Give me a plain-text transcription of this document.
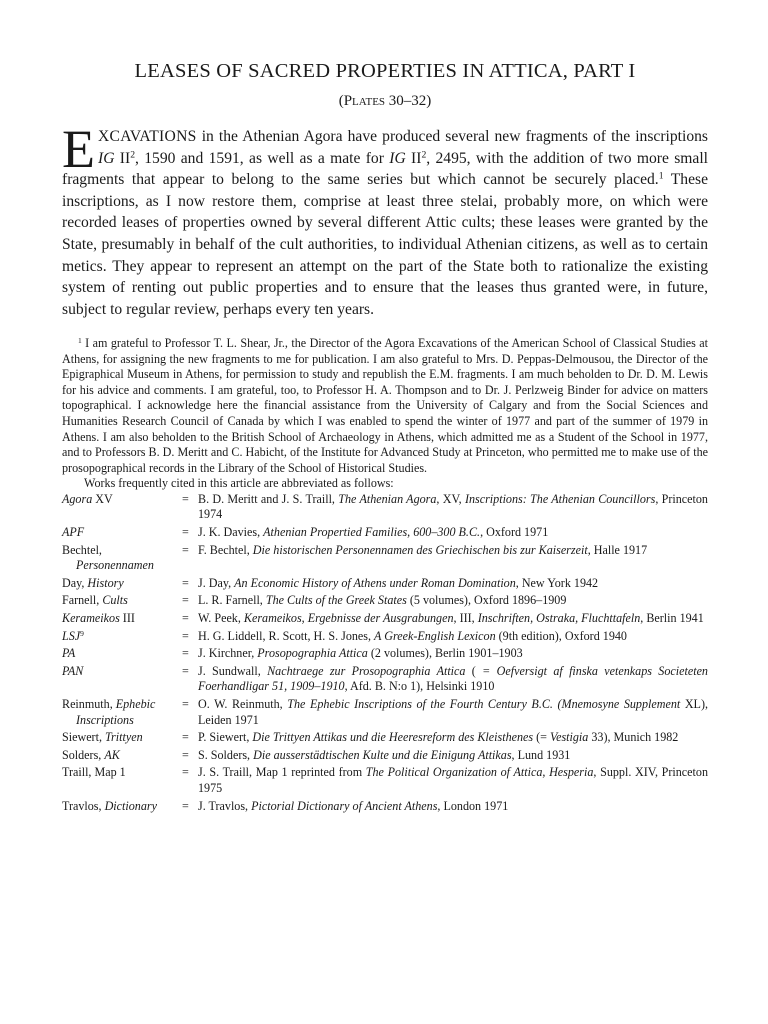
LEASES OF SACRED PROPERTIES IN ATTICA, PART I
(Plates 30–32)

EXCAVATIONS in the Athenian Agora have produced several new fragments of the inscriptions IG $II^2$, 1590 and 1591, as well as a mate for IG $II^2$, 2495, with the addition of two more small fragments that appear to belong to the same series but which cannot be securely placed.$^1$ These inscriptions, as I now restore them, comprise at least three stelai, probably more, on which were recorded leases of properties owned by several different Attic cults; these leases were granted by the State, presumably in behalf of the cult authorities, to individual Athenian citizens, as well as to certain metics. They appear to represent an attempt on the part of the State both to rationalize the existing system of renting out public properties and to ensure that the leases thus granted were, in future, subject to regular review, perhaps every ten years.

$^1$ I am grateful to Professor T. L. Shear, Jr., the Director of the Agora Excavations of the American School of Classical Studies at Athens, for assigning the new fragments to me for publication. I am also grateful to Mrs. D. Peppas-Delmousou, the Director of the Epigraphical Museum in Athens, for permission to study and republish the E.M. fragments. I am much beholden to Dr. D. M. Lewis for his advice and comments. I am grateful, too, to Professor H. A. Thompson and to Dr. J. Perlzweig Binder for advice on matters topographical. I acknowledge here the financial assistance from the University of Calgary and from the Social Sciences and Humanities Research Council of Canada by which I was enabled to spend the winter of 1977 and part of the summer of 1979 in Athens. I am also beholden to the British School of Archaeology in Athens, which admitted me as a Student of the School in 1977, and to Professors B. D. Meritt and C. Habicht, of the Institute for Advanced Study at Princeton, who permitted me to make use of the prosopographical records in the Library of the School of Historical Studies.
Works frequently cited in this article are abbreviated as follows:
Agora XV	=	B. D. Meritt and J. S. Traill, The Athenian Agora, XV, Inscriptions: The Athenian Councillors, Princeton 1974
APF	=	J. K. Davies, Athenian Propertied Families, 600–300 B.C., Oxford 1971
Bechtel,
Personennamen	=	F. Bechtel, Die historischen Personennamen des Griechischen bis zur Kaiserzeit, Halle 1917
Day, History	=	J. Day, An Economic History of Athens under Roman Domination, New York 1942
Farnell, Cults	=	L. R. Farnell, The Cults of the Greek States (5 volumes), Oxford 1896–1909
Kerameikos III	=	W. Peek, Kerameikos, Ergebnisse der Ausgrabungen, III, Inschriften, Ostraka, Fluchttafeln, Berlin 1941
$LSJ^9$	=	H. G. Liddell, R. Scott, H. S. Jones, A Greek-English Lexicon (9th edition), Oxford 1940
PA	=	J. Kirchner, Prosopographia Attica (2 volumes), Berlin 1901–1903
PAN	=	J. Sundwall, Nachtraege zur Prosopographia Attica ( = Oefversigt af finska vetenkaps Societeten Foerhandligar 51, 1909–1910, Afd. B. N:o 1), Helsinki 1910
Reinmuth, Ephebic
Inscriptions	=	O. W. Reinmuth, The Ephebic Inscriptions of the Fourth Century B.C. (Mnemosyne Supplement XL), Leiden 1971
Siewert, Trittyen	=	P. Siewert, Die Trittyen Attikas und die Heeresreform des Kleisthenes (= Vestigia 33), Munich 1982
Solders, AK	=	S. Solders, Die ausserstädtischen Kulte und die Einigung Attikas, Lund 1931
Traill, Map 1	=	J. S. Traill, Map 1 reprinted from The Political Organization of Attica, Hesperia, Suppl. XIV, Princeton 1975
Travlos, Dictionary	=	J. Travlos, Pictorial Dictionary of Ancient Athens, London 1971
